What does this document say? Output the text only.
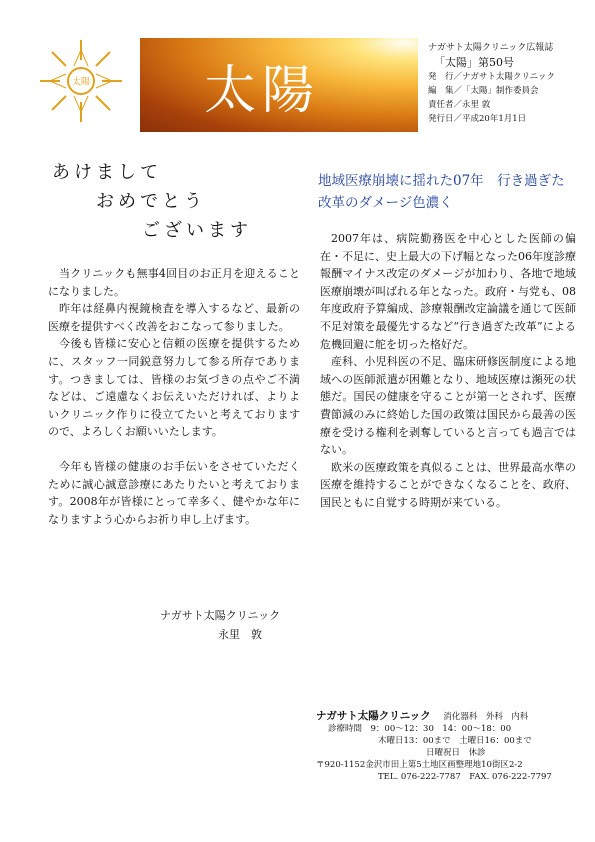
太陽 太陽
ナガサト太陽クリニック広報誌
「太陽」第50号
発　行／ナガサト太陽クリニック
編　集／「太陽」制作委員会
責任者／永里 敦
発行日／平成20年1月1日
あけまして
おめでとう
ございます

当クリニックも無事4回目のお正月を迎えることになりました。

昨年は経鼻内視鏡検査を導入するなど、最新の医療を提供すべく改善をおこなって参りました。

今後も皆様に安心と信頼の医療を提供するために、スタッフ一同鋭意努力して参る所存であります。つきましては、皆様のお気づきの点やご不満などは、ご遠慮なくお伝えいただければ、よりよいクリニック作りに役立てたいと考えておりますので、よろしくお願いいたします。

今年も皆様の健康のお手伝いをさせていただくために誠心誠意診療にあたりたいと考えております。2008年が皆様にとって幸多く、健やかな年になりますよう心からお祈り申し上げます。

ナガサト太陽クリニック
永里　敦
地域医療崩壊に揺れた07年　行き過ぎた改革のダメージ色濃く

2007年は、病院勤務医を中心とした医師の偏在・不足に、史上最大の下げ幅となった06年度診療報酬マイナス改定のダメージが加わり、各地で地域医療崩壊が叫ばれる年となった。政府・与党も、08年度政府予算編成、診療報酬改定論議を通じて医師不足対策を最優先するなど“行き過ぎた改革”による危機回避に舵を切った格好だ。

産科、小児科医の不足、臨床研修医制度による地域への医師派遣が困難となり、地域医療は瀕死の状態だ。国民の健康を守ることが第一とされず、医療費節減のみに終始した国の政策は国民から最善の医療を受ける権利を剥奪していると言っても過言ではない。

欧米の医療政策を真似ることは、世界最高水準の医療を維持することができなくなることを、政府、国民ともに自覚する時期が来ている。

ナガサト太陽クリニック 消化器科　外科　内科
診療時間　9：00〜12：30　14：00〜18：00
木曜日13：00まで　土曜日16：00まで
日曜祝日　休診
〒920-1152金沢市田上第5土地区画整理地10街区2-2
TEL. 076-222-7787　FAX. 076-222-7797
